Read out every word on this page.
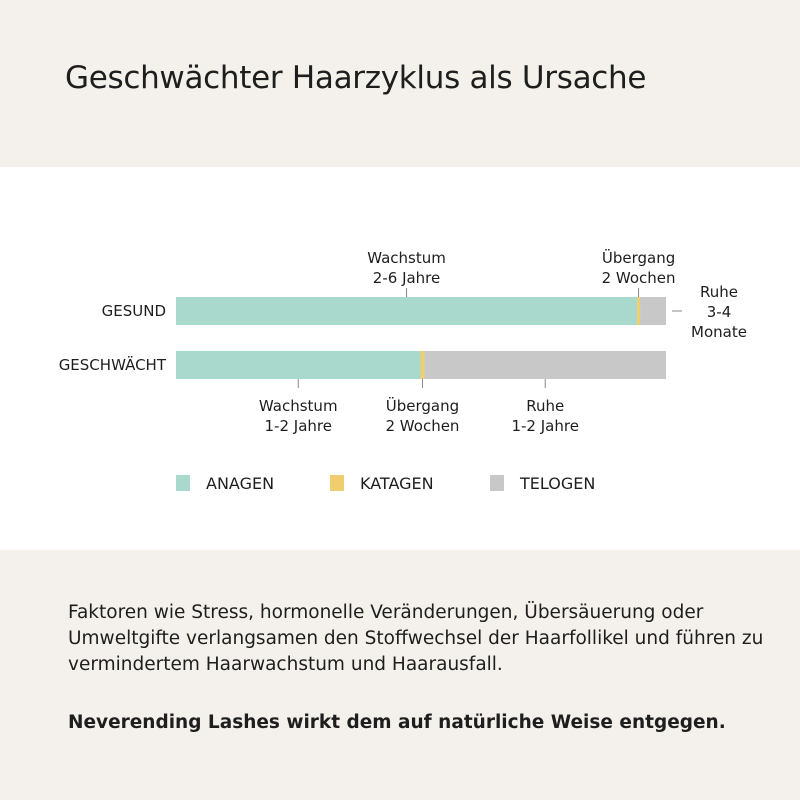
Geschwächter Haarzyklus als Ursache
GESUND
GESCHWÄCHT
Wachstum
2-6 Jahre
Übergang
2 Wochen
Ruhe
3-4
Monate
Wachstum
1-2 Jahre
Übergang
2 Wochen
Ruhe
1-2 Jahre
ANAGEN	KATAGEN	TELOGEN

Faktoren wie Stress, hormonelle Veränderungen, Übersäuerung oder Umweltgifte verlangsamen den Stoffwechsel der Haarfollikel und führen zu vermindertem Haarwachstum und Haarausfall.

Neverending Lashes wirkt dem auf natürliche Weise entgegen.
